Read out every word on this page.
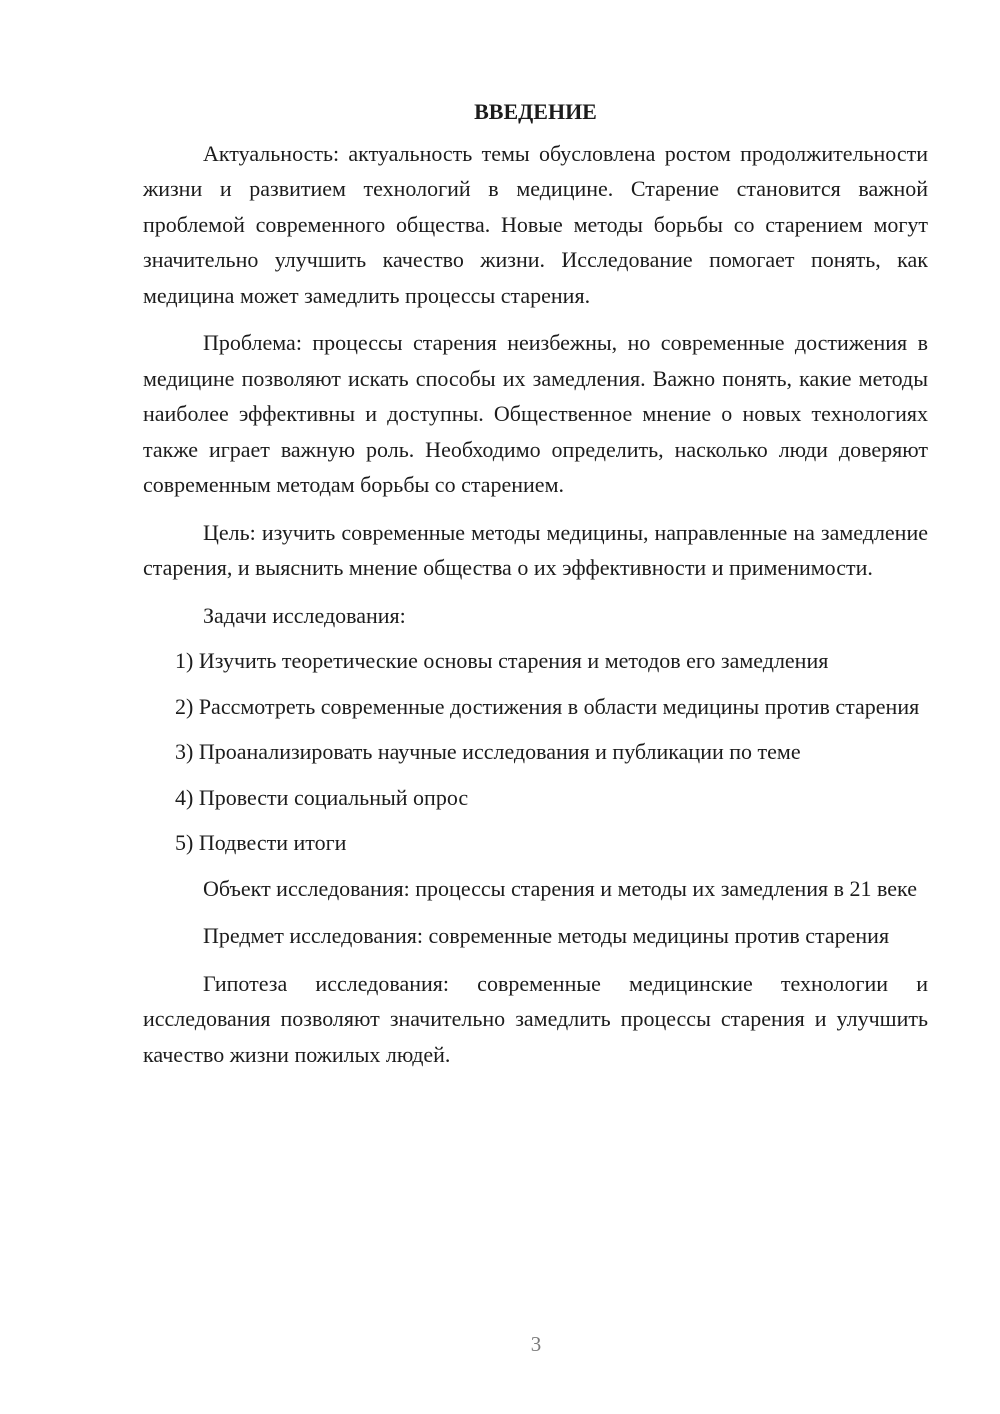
ВВЕДЕНИЕ

Актуальность: актуальность темы обусловлена ростом продолжительности жизни и развитием технологий в медицине. Старение становится важной проблемой современного общества. Новые методы борьбы со старением могут значительно улучшить качество жизни. Исследование помогает понять, как медицина может замедлить процессы старения.

Проблема: процессы старения неизбежны, но современные достижения в медицине позволяют искать способы их замедления. Важно понять, какие методы наиболее эффективны и доступны. Общественное мнение о новых технологиях также играет важную роль. Необходимо определить, насколько люди доверяют современным методам борьбы со старением.

Цель: изучить современные методы медицины, направленные на замедление старения, и выяснить мнение общества о их эффективности и применимости.

Задачи исследования:

1) Изучить теоретические основы старения и методов его замедления

2) Рассмотреть современные достижения в области медицины против старения

3) Проанализировать научные исследования и публикации по теме

4) Провести социальный опрос

5) Подвести итоги

Объект исследования: процессы старения и методы их замедления в 21 веке

Предмет исследования: современные методы медицины против старения

Гипотеза исследования: современные медицинские технологии и исследования позволяют значительно замедлить процессы старения и улучшить качество жизни пожилых людей.

3
